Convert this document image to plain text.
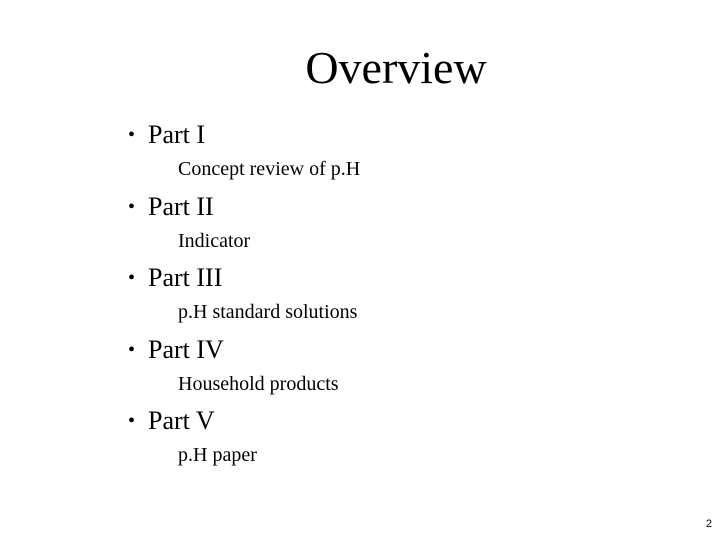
Overview
• Part I
Concept review of p.H
• Part II
Indicator
• Part III
p.H standard solutions
• Part IV
Household products
• Part V
p.H paper
2
